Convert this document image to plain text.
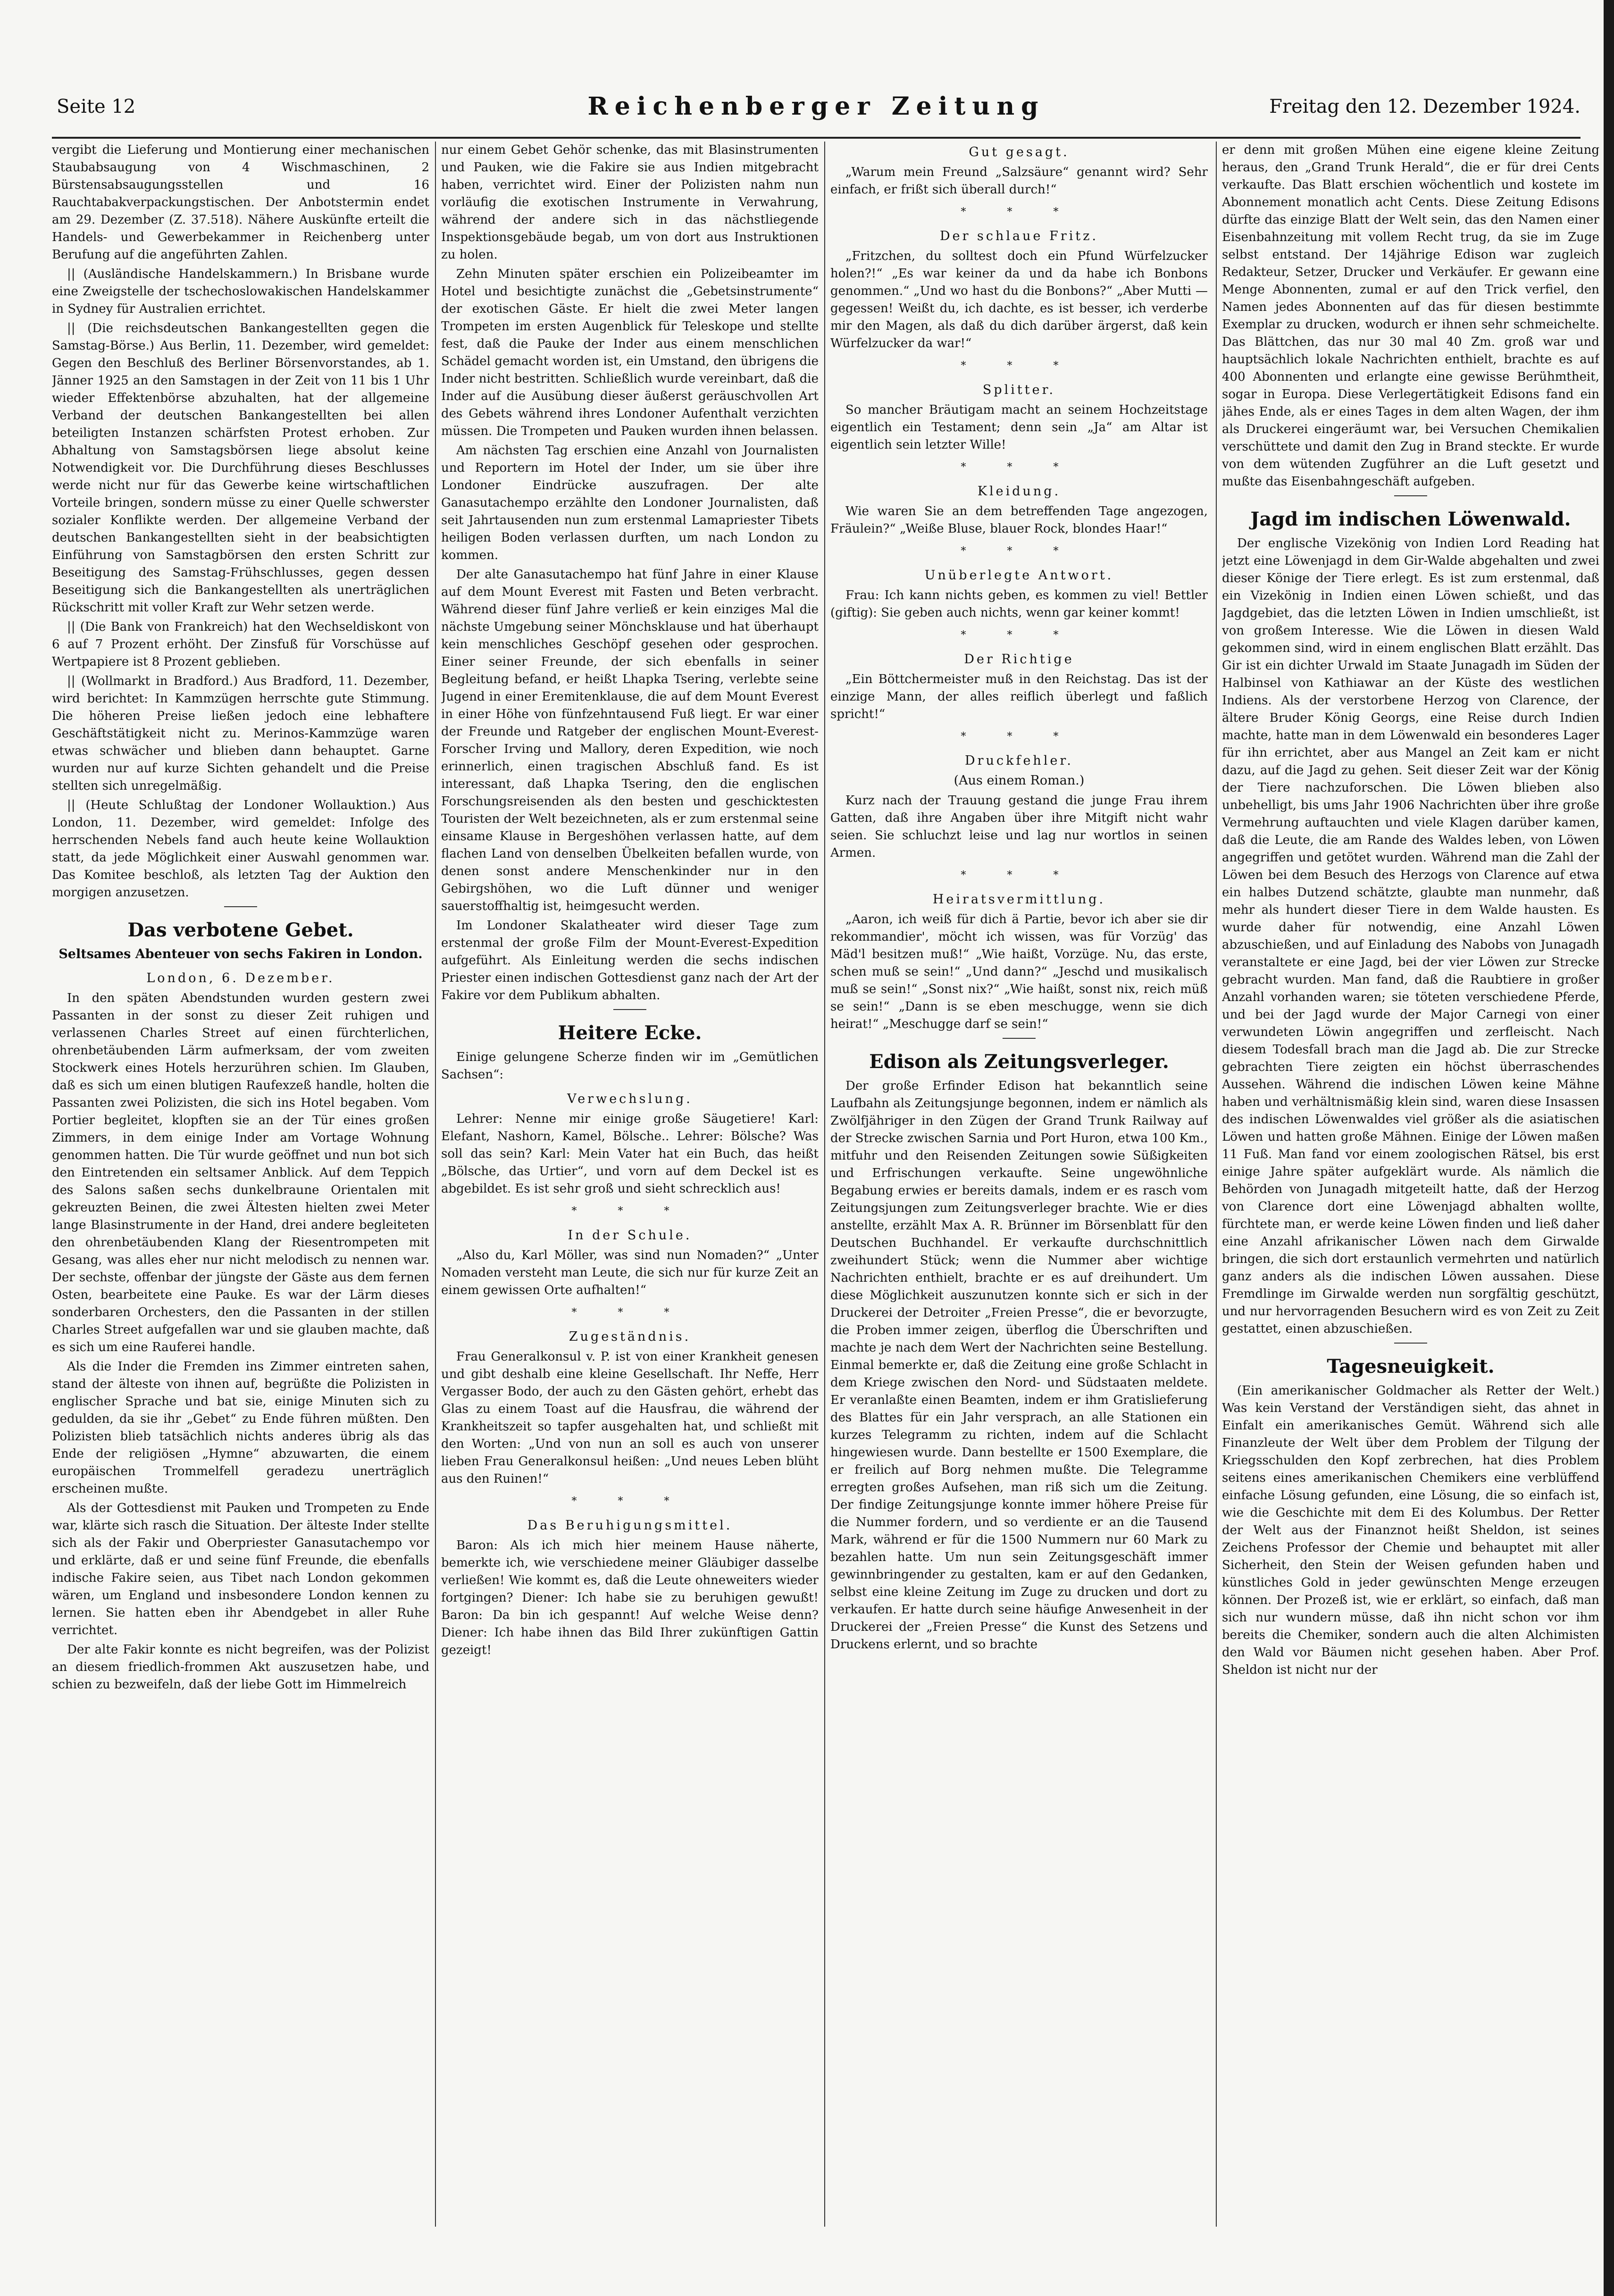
Seite 12	Reichenberger Zeitung	Freitag den 12. Dezember 1924.

vergibt die Lieferung und Montierung einer mechanischen Staubabsaugung von 4 Wischmaschinen, 2 Bürstensabsaugungsstellen und 16 Rauchtabakverpackungstischen. Der Anbotstermin endet am 29. Dezember (Z. 37.518). Nähere Auskünfte erteilt die Handels- und Gewerbekammer in Reichenberg unter Berufung auf die angeführten Zahlen.

|| (Ausländische Handelskammern.) In Brisbane wurde eine Zweigstelle der tschechoslowakischen Handelskammer in Sydney für Australien errichtet.

|| (Die reichsdeutschen Bankangestellten gegen die Samstag-Börse.) Aus Berlin, 11. Dezember, wird gemeldet: Gegen den Beschluß des Berliner Börsenvorstandes, ab 1. Jänner 1925 an den Samstagen in der Zeit von 11 bis 1 Uhr wieder Effektenbörse abzuhalten, hat der allgemeine Verband der deutschen Bankangestellten bei allen beteiligten Instanzen schärfsten Protest erhoben. Zur Abhaltung von Samstagsbörsen liege absolut keine Notwendigkeit vor. Die Durchführung dieses Beschlusses werde nicht nur für das Gewerbe keine wirtschaftlichen Vorteile bringen, sondern müsse zu einer Quelle schwerster sozialer Konflikte werden. Der allgemeine Verband der deutschen Bankangestellten sieht in der beabsichtigten Einführung von Samstagbörsen den ersten Schritt zur Beseitigung des Samstag-Frühschlusses, gegen dessen Beseitigung sich die Bankangestellten als unerträglichen Rückschritt mit voller Kraft zur Wehr setzen werde.

|| (Die Bank von Frankreich) hat den Wechseldiskont von 6 auf 7 Prozent erhöht. Der Zinsfuß für Vorschüsse auf Wertpapiere ist 8 Prozent geblieben.

|| (Wollmarkt in Bradford.) Aus Bradford, 11. Dezember, wird berichtet: In Kammzügen herrschte gute Stimmung. Die höheren Preise ließen jedoch eine lebhaftere Geschäftstätigkeit nicht zu. Merinos-Kammzüge waren etwas schwächer und blieben dann behauptet. Garne wurden nur auf kurze Sichten gehandelt und die Preise stellten sich unregelmäßig.

|| (Heute Schlußtag der Londoner Wollauktion.) Aus London, 11. Dezember, wird gemeldet: Infolge des herrschenden Nebels fand auch heute keine Wollauktion statt, da jede Möglichkeit einer Auswahl genommen war. Das Komitee beschloß, als letzten Tag der Auktion den morgigen anzusetzen.

Das verbotene Gebet.
Seltsames Abenteuer von sechs Fakiren in London.
London, 6. Dezember.

In den späten Abendstunden wurden gestern zwei Passanten in der sonst zu dieser Zeit ruhigen und verlassenen Charles Street auf einen fürchterlichen, ohrenbetäubenden Lärm aufmerksam, der vom zweiten Stockwerk eines Hotels herzurühren schien. Im Glauben, daß es sich um einen blutigen Raufexzeß handle, holten die Passanten zwei Polizisten, die sich ins Hotel begaben. Vom Portier begleitet, klopften sie an der Tür eines großen Zimmers, in dem einige Inder am Vortage Wohnung genommen hatten. Die Tür wurde geöffnet und nun bot sich den Eintretenden ein seltsamer Anblick. Auf dem Teppich des Salons saßen sechs dunkelbraune Orientalen mit gekreuzten Beinen, die zwei Ältesten hielten zwei Meter lange Blasinstrumente in der Hand, drei andere begleiteten den ohrenbetäubenden Klang der Riesentrompeten mit Gesang, was alles eher nur nicht melodisch zu nennen war. Der sechste, offenbar der jüngste der Gäste aus dem fernen Osten, bearbeitete eine Pauke. Es war der Lärm dieses sonderbaren Orchesters, den die Passanten in der stillen Charles Street aufgefallen war und sie glauben machte, daß es sich um eine Rauferei handle.

Als die Inder die Fremden ins Zimmer eintreten sahen, stand der älteste von ihnen auf, begrüßte die Polizisten in englischer Sprache und bat sie, einige Minuten sich zu gedulden, da sie ihr „Gebet“ zu Ende führen müßten. Den Polizisten blieb tatsächlich nichts anderes übrig als das Ende der religiösen „Hymne“ abzuwarten, die einem europäischen Trommelfell geradezu unerträglich erscheinen mußte.

Als der Gottesdienst mit Pauken und Trompeten zu Ende war, klärte sich rasch die Situation. Der älteste Inder stellte sich als der Fakir und Oberpriester Ganasutachempo vor und erklärte, daß er und seine fünf Freunde, die ebenfalls indische Fakire seien, aus Tibet nach London gekommen wären, um England und insbesondere London kennen zu lernen. Sie hatten eben ihr Abendgebet in aller Ruhe verrichtet.

Der alte Fakir konnte es nicht begreifen, was der Polizist an diesem friedlich-frommen Akt auszusetzen habe, und schien zu bezweifeln, daß der liebe Gott im Himmelreich

nur einem Gebet Gehör schenke, das mit Blasinstrumenten und Pauken, wie die Fakire sie aus Indien mitgebracht haben, verrichtet wird. Einer der Polizisten nahm nun vorläufig die exotischen Instrumente in Verwahrung, während der andere sich in das nächstliegende Inspektionsgebäude begab, um von dort aus Instruktionen zu holen.

Zehn Minuten später erschien ein Polizeibeamter im Hotel und besichtigte zunächst die „Gebetsinstrumente“ der exotischen Gäste. Er hielt die zwei Meter langen Trompeten im ersten Augenblick für Teleskope und stellte fest, daß die Pauke der Inder aus einem menschlichen Schädel gemacht worden ist, ein Umstand, den übrigens die Inder nicht bestritten. Schließlich wurde vereinbart, daß die Inder auf die Ausübung dieser äußerst geräuschvollen Art des Gebets während ihres Londoner Aufenthalt verzichten müssen. Die Trompeten und Pauken wurden ihnen belassen.

Am nächsten Tag erschien eine Anzahl von Journalisten und Reportern im Hotel der Inder, um sie über ihre Londoner Eindrücke auszufragen. Der alte Ganasutachempo erzählte den Londoner Journalisten, daß seit Jahrtausenden nun zum erstenmal Lamapriester Tibets heiligen Boden verlassen durften, um nach London zu kommen.

Der alte Ganasutachempo hat fünf Jahre in einer Klause auf dem Mount Everest mit Fasten und Beten verbracht. Während dieser fünf Jahre verließ er kein einziges Mal die nächste Umgebung seiner Mönchsklause und hat überhaupt kein menschliches Geschöpf gesehen oder gesprochen. Einer seiner Freunde, der sich ebenfalls in seiner Begleitung befand, er heißt Lhapka Tsering, verlebte seine Jugend in einer Eremitenklause, die auf dem Mount Everest in einer Höhe von fünfzehntausend Fuß liegt. Er war einer der Freunde und Ratgeber der englischen Mount-Everest-Forscher Irving und Mallory, deren Expedition, wie noch erinnerlich, einen tragischen Abschluß fand. Es ist interessant, daß Lhapka Tsering, den die englischen Forschungsreisenden als den besten und geschicktesten Touristen der Welt bezeichneten, als er zum erstenmal seine einsame Klause in Bergeshöhen verlassen hatte, auf dem flachen Land von denselben Übelkeiten befallen wurde, von denen sonst andere Menschenkinder nur in den Gebirgshöhen, wo die Luft dünner und weniger sauerstoffhaltig ist, heimgesucht werden.

Im Londoner Skalatheater wird dieser Tage zum erstenmal der große Film der Mount-Everest-Expedition aufgeführt. Als Einleitung werden die sechs indischen Priester einen indischen Gottesdienst ganz nach der Art der Fakire vor dem Publikum abhalten.

Heitere Ecke.

Einige gelungene Scherze finden wir im „Gemütlichen Sachsen“:

Verwechslung.

Lehrer: Nenne mir einige große Säugetiere! Karl: Elefant, Nashorn, Kamel, Bölsche.. Lehrer: Bölsche? Was soll das sein? Karl: Mein Vater hat ein Buch, das heißt „Bölsche, das Urtier“, und vorn auf dem Deckel ist es abgebildet. Es ist sehr groß und sieht schrecklich aus!

* * *
In der Schule.

„Also du, Karl Möller, was sind nun Nomaden?“ „Unter Nomaden versteht man Leute, die sich nur für kurze Zeit an einem gewissen Orte aufhalten!“

* * *
Zugeständnis.

Frau Generalkonsul v. P. ist von einer Krankheit genesen und gibt deshalb eine kleine Gesellschaft. Ihr Neffe, Herr Vergasser Bodo, der auch zu den Gästen gehört, erhebt das Glas zu einem Toast auf die Hausfrau, die während der Krankheitszeit so tapfer ausgehalten hat, und schließt mit den Worten: „Und von nun an soll es auch von unserer lieben Frau Generalkonsul heißen: „Und neues Leben blüht aus den Ruinen!“

* * *
Das Beruhigungsmittel.

Baron: Als ich mich hier meinem Hause näherte, bemerkte ich, wie verschiedene meiner Gläubiger dasselbe verließen! Wie kommt es, daß die Leute ohneweiters wieder fortgingen? Diener: Ich habe sie zu beruhigen gewußt! Baron: Da bin ich gespannt! Auf welche Weise denn? Diener: Ich habe ihnen das Bild Ihrer zukünftigen Gattin gezeigt!

Gut gesagt.

„Warum mein Freund „Salzsäure“ genannt wird? Sehr einfach, er frißt sich überall durch!“

* * *
Der schlaue Fritz.

„Fritzchen, du solltest doch ein Pfund Würfelzucker holen?!“ „Es war keiner da und da habe ich Bonbons genommen.“ „Und wo hast du die Bonbons?“ „Aber Mutti — gegessen! Weißt du, ich dachte, es ist besser, ich verderbe mir den Magen, als daß du dich darüber ärgerst, daß kein Würfelzucker da war!“

* * *
Splitter.

So mancher Bräutigam macht an seinem Hochzeitstage eigentlich ein Testament; denn sein „Ja“ am Altar ist eigentlich sein letzter Wille!

* * *
Kleidung.

Wie waren Sie an dem betreffenden Tage angezogen, Fräulein?“ „Weiße Bluse, blauer Rock, blondes Haar!“

* * *
Unüberlegte Antwort.

Frau: Ich kann nichts geben, es kommen zu viel! Bettler (giftig): Sie geben auch nichts, wenn gar keiner kommt!

* * *
Der Richtige

„Ein Böttchermeister muß in den Reichstag. Das ist der einzige Mann, der alles reiflich überlegt und faßlich spricht!“

* * *
Druckfehler.
(Aus einem Roman.)

Kurz nach der Trauung gestand die junge Frau ihrem Gatten, daß ihre Angaben über ihre Mitgift nicht wahr seien. Sie schluchzt leise und lag nur wortlos in seinen Armen.

* * *
Heiratsvermittlung.

„Aaron, ich weiß für dich ä Partie, bevor ich aber sie dir rekommandier', möcht ich wissen, was für Vorzüg' das Mäd'l besitzen muß!“ „Wie haißt, Vorzüge. Nu, das erste, schen muß se sein!“ „Und dann?“ „Jeschd und musikalisch muß se sein!“ „Sonst nix?“ „Wie haißt, sonst nix, reich müß se sein!“ „Dann is se eben meschugge, wenn sie dich heirat!“ „Meschugge darf se sein!“

Edison als Zeitungsverleger.

Der große Erfinder Edison hat bekanntlich seine Laufbahn als Zeitungsjunge begonnen, indem er nämlich als Zwölfjähriger in den Zügen der Grand Trunk Railway auf der Strecke zwischen Sarnia und Port Huron, etwa 100 Km., mitfuhr und den Reisenden Zeitungen sowie Süßigkeiten und Erfrischungen verkaufte. Seine ungewöhnliche Begabung erwies er bereits damals, indem er es rasch vom Zeitungsjungen zum Zeitungsverleger brachte. Wie er dies anstellte, erzählt Max A. R. Brünner im Börsenblatt für den Deutschen Buchhandel. Er verkaufte durchschnittlich zweihundert Stück; wenn die Nummer aber wichtige Nachrichten enthielt, brachte er es auf dreihundert. Um diese Möglichkeit auszunutzen konnte sich er sich in der Druckerei der Detroiter „Freien Presse“, die er bevorzugte, die Proben immer zeigen, überflog die Überschriften und machte je nach dem Wert der Nachrichten seine Bestellung. Einmal bemerkte er, daß die Zeitung eine große Schlacht in dem Kriege zwischen den Nord- und Südstaaten meldete. Er veranlaßte einen Beamten, indem er ihm Gratislieferung des Blattes für ein Jahr versprach, an alle Stationen ein kurzes Telegramm zu richten, indem auf die Schlacht hingewiesen wurde. Dann bestellte er 1500 Exemplare, die er freilich auf Borg nehmen mußte. Die Telegramme erregten großes Aufsehen, man riß sich um die Zeitung. Der findige Zeitungsjunge konnte immer höhere Preise für die Nummer fordern, und so verdiente er an die Tausend Mark, während er für die 1500 Nummern nur 60 Mark zu bezahlen hatte. Um nun sein Zeitungsgeschäft immer gewinnbringender zu gestalten, kam er auf den Gedanken, selbst eine kleine Zeitung im Zuge zu drucken und dort zu verkaufen. Er hatte durch seine häufige Anwesenheit in der Druckerei der „Freien Presse“ die Kunst des Setzens und Druckens erlernt, und so brachte

er denn mit großen Mühen eine eigene kleine Zeitung heraus, den „Grand Trunk Herald“, die er für drei Cents verkaufte. Das Blatt erschien wöchentlich und kostete im Abonnement monatlich acht Cents. Diese Zeitung Edisons dürfte das einzige Blatt der Welt sein, das den Namen einer Eisenbahnzeitung mit vollem Recht trug, da sie im Zuge selbst entstand. Der 14jährige Edison war zugleich Redakteur, Setzer, Drucker und Verkäufer. Er gewann eine Menge Abonnenten, zumal er auf den Trick verfiel, den Namen jedes Abonnenten auf das für diesen bestimmte Exemplar zu drucken, wodurch er ihnen sehr schmeichelte. Das Blättchen, das nur 30 mal 40 Zm. groß war und hauptsächlich lokale Nachrichten enthielt, brachte es auf 400 Abonnenten und erlangte eine gewisse Berühmtheit, sogar in Europa. Diese Verlegertätigkeit Edisons fand ein jähes Ende, als er eines Tages in dem alten Wagen, der ihm als Druckerei eingeräumt war, bei Versuchen Chemikalien verschüttete und damit den Zug in Brand steckte. Er wurde von dem wütenden Zugführer an die Luft gesetzt und mußte das Eisenbahngeschäft aufgeben.

Jagd im indischen Löwenwald.

Der englische Vizekönig von Indien Lord Reading hat jetzt eine Löwenjagd in dem Gir-Walde abgehalten und zwei dieser Könige der Tiere erlegt. Es ist zum erstenmal, daß ein Vizekönig in Indien einen Löwen schießt, und das Jagdgebiet, das die letzten Löwen in Indien umschließt, ist von großem Interesse. Wie die Löwen in diesen Wald gekommen sind, wird in einem englischen Blatt erzählt. Das Gir ist ein dichter Urwald im Staate Junagadh im Süden der Halbinsel von Kathiawar an der Küste des westlichen Indiens. Als der verstorbene Herzog von Clarence, der ältere Bruder König Georgs, eine Reise durch Indien machte, hatte man in dem Löwenwald ein besonderes Lager für ihn errichtet, aber aus Mangel an Zeit kam er nicht dazu, auf die Jagd zu gehen. Seit dieser Zeit war der König der Tiere nachzuforschen. Die Löwen blieben also unbehelligt, bis ums Jahr 1906 Nachrichten über ihre große Vermehrung auftauchten und viele Klagen darüber kamen, daß die Leute, die am Rande des Waldes leben, von Löwen angegriffen und getötet wurden. Während man die Zahl der Löwen bei dem Besuch des Herzogs von Clarence auf etwa ein halbes Dutzend schätzte, glaubte man nunmehr, daß mehr als hundert dieser Tiere in dem Walde hausten. Es wurde daher für notwendig, eine Anzahl Löwen abzuschießen, und auf Einladung des Nabobs von Junagadh veranstaltete er eine Jagd, bei der vier Löwen zur Strecke gebracht wurden. Man fand, daß die Raubtiere in großer Anzahl vorhanden waren; sie töteten verschiedene Pferde, und bei der Jagd wurde der Major Carnegi von einer verwundeten Löwin angegriffen und zerfleischt. Nach diesem Todesfall brach man die Jagd ab. Die zur Strecke gebrachten Tiere zeigten ein höchst überraschendes Aussehen. Während die indischen Löwen keine Mähne haben und verhältnismäßig klein sind, waren diese Insassen des indischen Löwenwaldes viel größer als die asiatischen Löwen und hatten große Mähnen. Einige der Löwen maßen 11 Fuß. Man fand vor einem zoologischen Rätsel, bis erst einige Jahre später aufgeklärt wurde. Als nämlich die Behörden von Junagadh mitgeteilt hatte, daß der Herzog von Clarence dort eine Löwenjagd abhalten wollte, fürchtete man, er werde keine Löwen finden und ließ daher eine Anzahl afrikanischer Löwen nach dem Girwalde bringen, die sich dort erstaunlich vermehrten und natürlich ganz anders als die indischen Löwen aussahen. Diese Fremdlinge im Girwalde werden nun sorgfältig geschützt, und nur hervorragenden Besuchern wird es von Zeit zu Zeit gestattet, einen abzuschießen.

Tagesneuigkeit.

(Ein amerikanischer Goldmacher als Retter der Welt.) Was kein Verstand der Verständigen sieht, das ahnet in Einfalt ein amerikanisches Gemüt. Während sich alle Finanzleute der Welt über dem Problem der Tilgung der Kriegsschulden den Kopf zerbrechen, hat dies Problem seitens eines amerikanischen Chemikers eine verblüffend einfache Lösung gefunden, eine Lösung, die so einfach ist, wie die Geschichte mit dem Ei des Kolumbus. Der Retter der Welt aus der Finanznot heißt Sheldon, ist seines Zeichens Professor der Chemie und behauptet mit aller Sicherheit, den Stein der Weisen gefunden haben und künstliches Gold in jeder gewünschten Menge erzeugen können. Der Prozeß ist, wie er erklärt, so einfach, daß man sich nur wundern müsse, daß ihn nicht schon vor ihm bereits die Chemiker, sondern auch die alten Alchimisten den Wald vor Bäumen nicht gesehen haben. Aber Prof. Sheldon ist nicht nur der
